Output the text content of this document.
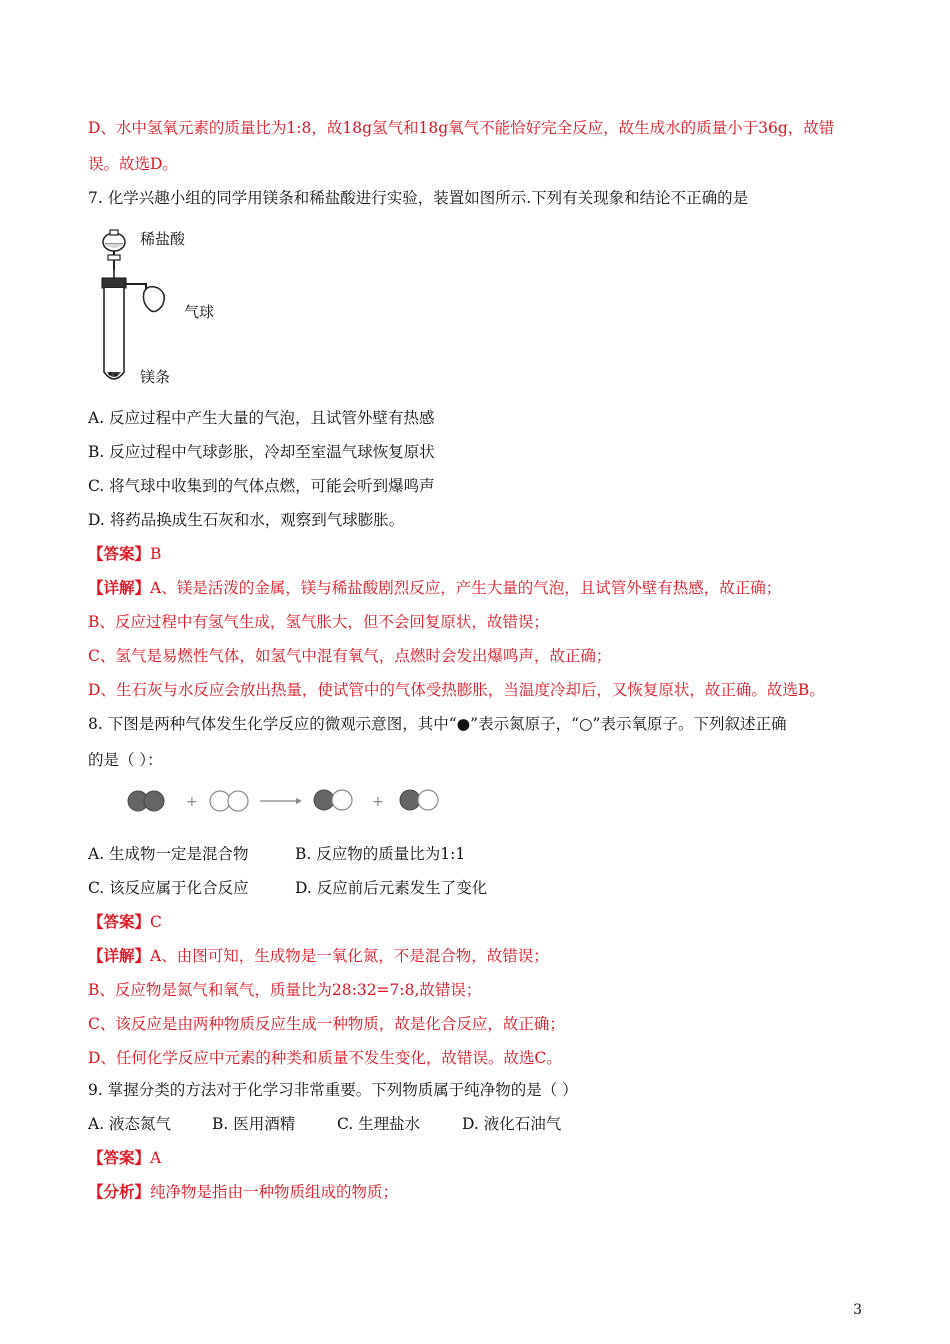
D、水中氢氧元素的质量比为1:8，故18g氢气和18g氧气不能恰好完全反应，故生成水的质量小于36g，故错
误。故选D。
7. 化学兴趣小组的同学用镁条和稀盐酸进行实验，装置如图所示.下列有关现象和结论不正确的是
稀盐酸
气球
镁条
A. 反应过程中产生大量的气泡，且试管外壁有热感
B. 反应过程中气球彭胀，冷却至室温气球恢复原状
C. 将气球中收集到的气体点燃，可能会听到爆鸣声
D. 将药品换成生石灰和水，观察到气球膨胀。
【答案】B
【详解】A、镁是活泼的金属，镁与稀盐酸剧烈反应，产生大量的气泡，且试管外壁有热感，故正确；
B、反应过程中有氢气生成，氢气胀大，但不会回复原状，故错误；
C、氢气是易燃性气体，如氢气中混有氧气，点燃时会发出爆鸣声，故正确；
D、生石灰与水反应会放出热量，使试管中的气体受热膨胀，当温度冷却后，又恢复原状，故正确。故选B。
8. 下图是两种气体发生化学反应的微观示意图，其中“●”表示氮原子，“○”表示氧原子。下列叙述正确
的是（ ）：
+	+
A. 生成物一定是混合物	B. 反应物的质量比为1:1
C. 该反应属于化合反应	D. 反应前后元素发生了变化
【答案】C
【详解】A、由图可知，生成物是一氧化氮，不是混合物，故错误；
B、反应物是氮气和氧气，质量比为28:32=7:8,故错误；
C、该反应是由两种物质反应生成一种物质，故是化合反应，故正确；
D、任何化学反应中元素的种类和质量不发生变化，故错误。故选C。
9. 掌握分类的方法对于化学习非常重要。下列物质属于纯净物的是（ ）
A. 液态氮气	B. 医用酒精	C. 生理盐水	D. 液化石油气
【答案】A
【分析】纯净物是指由一种物质组成的物质；
3
